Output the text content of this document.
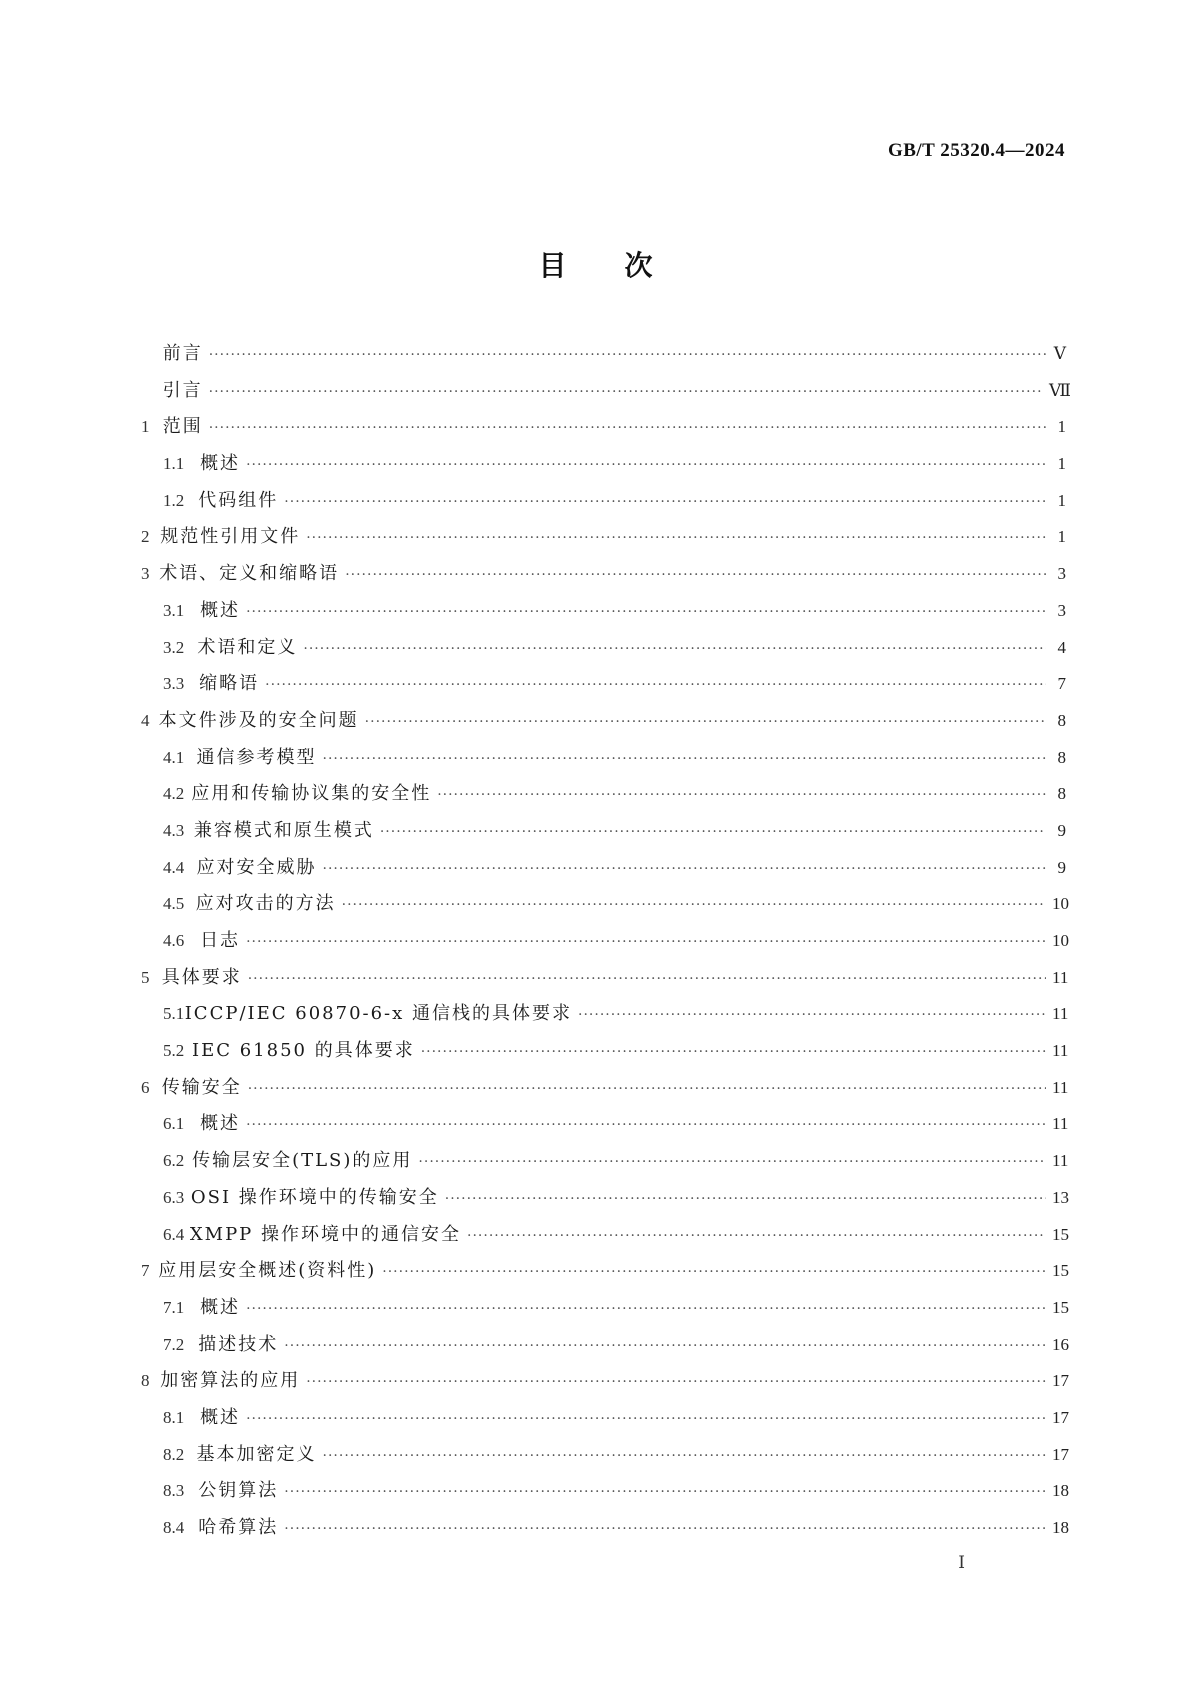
GB/T 25320.4—2024
目次
前言 ·····	Ⅴ
引言 ·····	Ⅶ
1 范围 ·····	1
1.1 概述 ·····	1
1.2 代码组件 ·····	1
2 规范性引用文件 ·····	1
3 术语、定义和缩略语 ·····	3
3.1 概述 ·····	3
3.2 术语和定义 ·····	4
3.3 缩略语 ·····	7
4 本文件涉及的安全问题 ·····	8
4.1 通信参考模型 ·····	8
4.2 应用和传输协议集的安全性 ·····	8
4.3 兼容模式和原生模式 ·····	9
4.4 应对安全威胁 ·····	9
4.5 应对攻击的方法 ·····	10
4.6 日志 ·····	10
5 具体要求 ·····	11
5.1 ICCP/IEC 60870-6-x 通信栈的具体要求 ·····	11
5.2 IEC 61850 的具体要求 ·····	11
6 传输安全 ·····	11
6.1 概述 ·····	11
6.2 传输层安全(TLS)的应用 ·····	11
6.3 OSI 操作环境中的传输安全 ·····	13
6.4 XMPP 操作环境中的通信安全 ·····	15
7 应用层安全概述(资料性) ·····	15
7.1 概述 ·····	15
7.2 描述技术 ·····	16
8 加密算法的应用 ·····	17
8.1 概述 ·····	17
8.2 基本加密定义 ·····	17
8.3 公钥算法 ·····	18
8.4 哈希算法 ·····	18
Ⅰ
